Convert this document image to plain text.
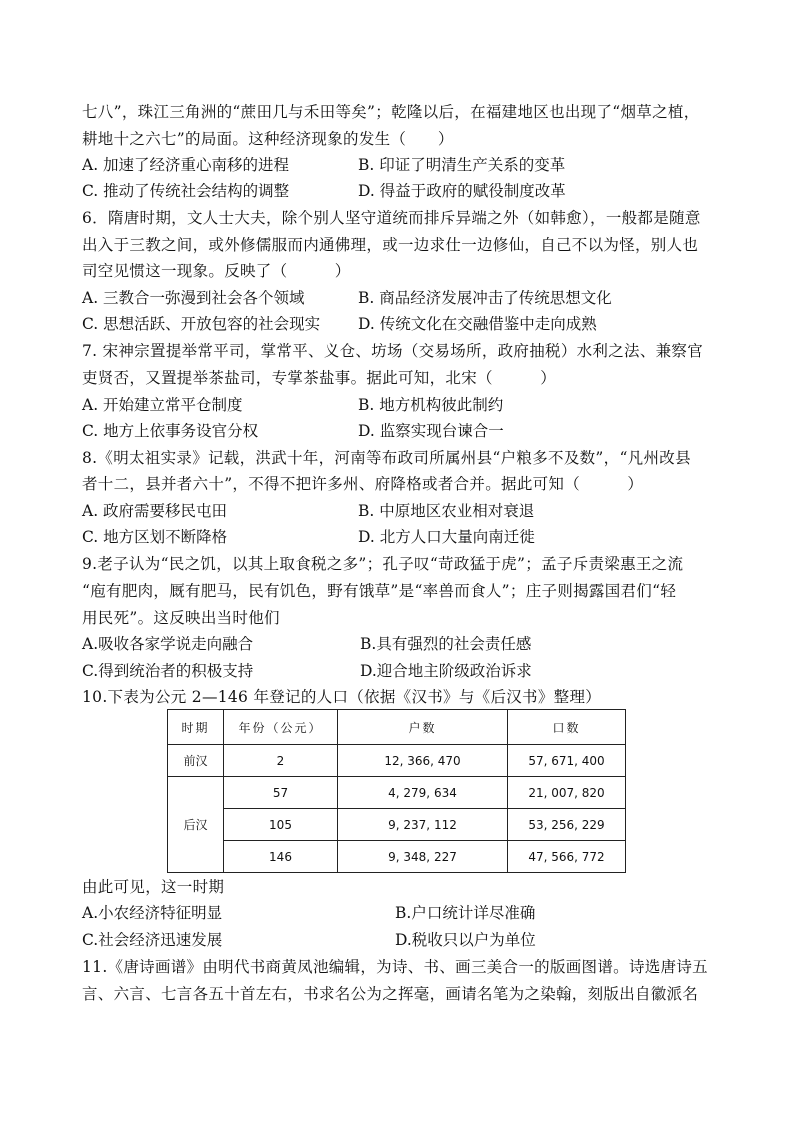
七八”，珠江三角洲的“蔗田几与禾田等矣”；乾隆以后，在福建地区也出现了“烟草之植，
耕地十之六七”的局面。这种经济现象的发生（　　）
A. 加速了经济重心南移的进程	B. 印证了明清生产关系的变革
C. 推动了传统社会结构的调整	D. 得益于政府的赋役制度改革
6．隋唐时期，文人士大夫，除个别人坚守道统而排斥异端之外（如韩愈），一般都是随意
出入于三教之间，或外修儒服而内通佛理，或一边求仕一边修仙，自己不以为怪，别人也
司空见惯这一现象。反映了（　　　）
A. 三教合一弥漫到社会各个领域	B. 商品经济发展冲击了传统思想文化
C. 思想活跃、开放包容的社会现实 D. 传统文化在交融借鉴中走向成熟
7. 宋神宗置提举常平司，掌常平、义仓、坊场（交易场所，政府抽税）水利之法、兼察官
吏贤否，又置提举茶盐司，专掌茶盐事。据此可知，北宋（　　　）
A. 开始建立常平仓制度	B. 地方机构彼此制约
C. 地方上依事务设官分权	D. 监察实现台谏合一
8.《明太祖实录》记载，洪武十年，河南等布政司所属州县“户粮多不及数”，“凡州改县
者十二，县并者六十”，不得不把许多州、府降格或者合并。据此可知（　　　）
A. 政府需要移民屯田	B. 中原地区农业相对衰退
C. 地方区划不断降格	D. 北方人口大量向南迁徙
9.老子认为“民之饥，以其上取食税之多”；孔子叹“苛政猛于虎”；孟子斥责梁惠王之流
“庖有肥肉，厩有肥马，民有饥色，野有饿草”是“率兽而食人”；庄子则揭露国君们“轻
用民死”。这反映出当时他们
A.吸收各家学说走向融合	B.具有强烈的社会责任感
C.得到统治者的积极支持	D.迎合地主阶级政治诉求
10.下表为公元 2—146 年登记的人口（依据《汉书》与《后汉书》整理）
时期	年份（公元）	户数	口数
前汉	2	12, 366, 470	57, 671, 400
后汉	57	4, 279, 634	21, 007, 820
	105	9, 237, 112	53, 256, 229
	146	9, 348, 227	47, 566, 772
由此可见，这一时期
A.小农经济特征明显	B.户口统计详尽准确
C.社会经济迅速发展	D.税收只以户为单位
11.《唐诗画谱》由明代书商黄凤池编辑，为诗、书、画三美合一的版画图谱。诗选唐诗五
言、六言、七言各五十首左右，书求名公为之挥毫，画请名笔为之染翰，刻版出自徽派名
